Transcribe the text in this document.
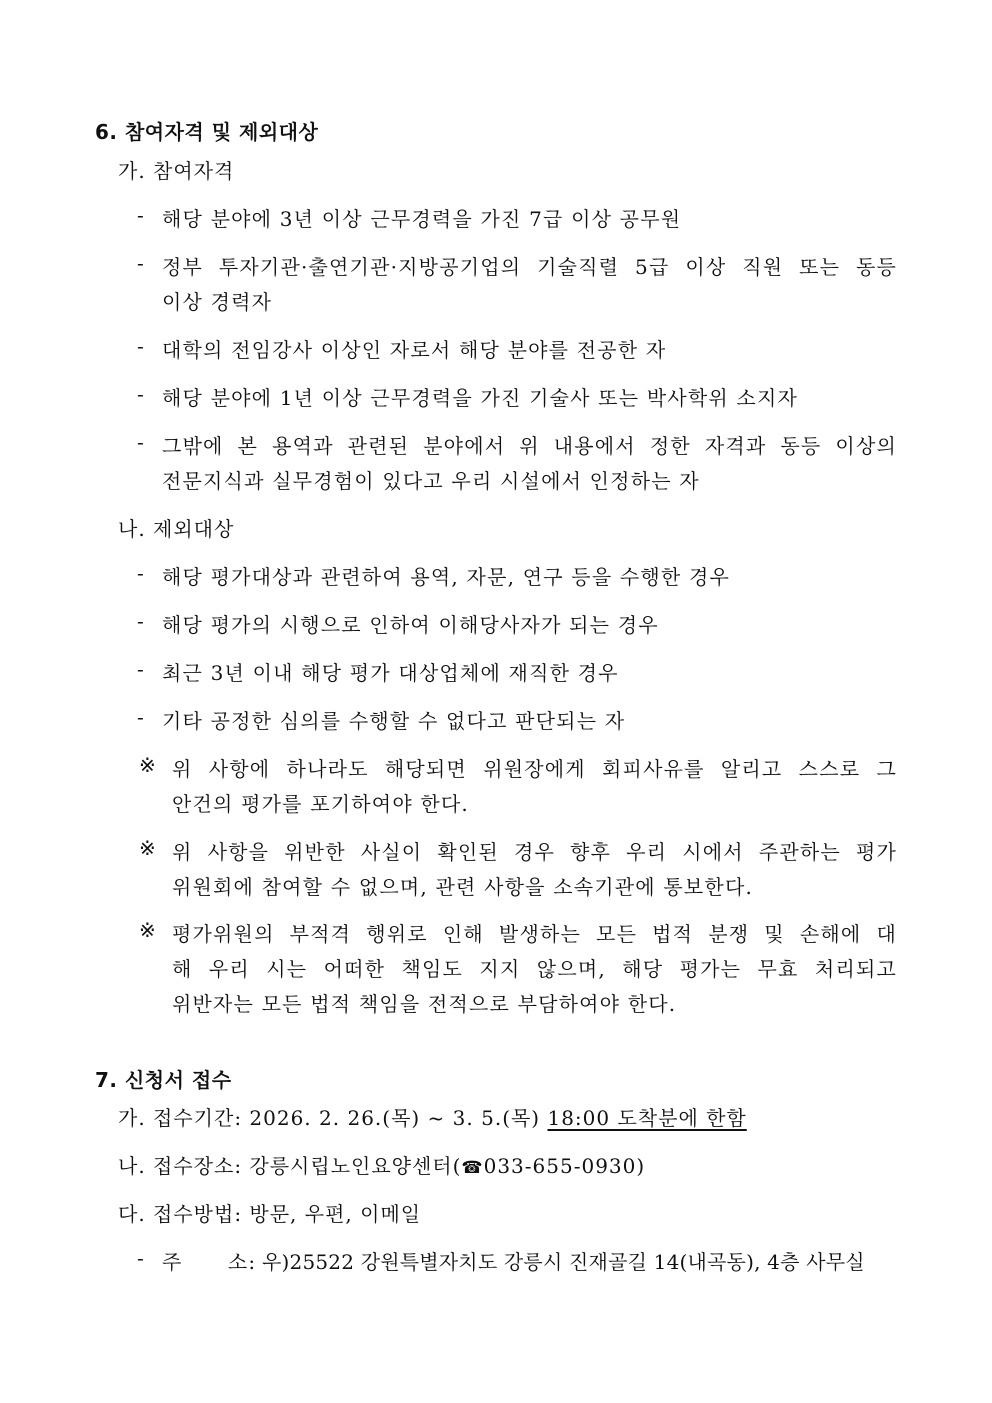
6. 참여자격 및 제외대상
가. 참여자격
- 해당 분야에 3년 이상 근무경력을 가진 7급 이상 공무원
- 정부 투자기관·출연기관·지방공기업의 기술직렬 5급 이상 직원 또는 동등
이상 경력자
- 대학의 전임강사 이상인 자로서 해당 분야를 전공한 자
- 해당 분야에 1년 이상 근무경력을 가진 기술사 또는 박사학위 소지자
- 그밖에 본 용역과 관련된 분야에서 위 내용에서 정한 자격과 동등 이상의
전문지식과 실무경험이 있다고 우리 시설에서 인정하는 자
나. 제외대상
- 해당 평가대상과 관련하여 용역, 자문, 연구 등을 수행한 경우
- 해당 평가의 시행으로 인하여 이해당사자가 되는 경우
- 최근 3년 이내 해당 평가 대상업체에 재직한 경우
- 기타 공정한 심의를 수행할 수 없다고 판단되는 자
※ 위 사항에 하나라도 해당되면 위원장에게 회피사유를 알리고 스스로 그
안건의 평가를 포기하여야 한다.
※ 위 사항을 위반한 사실이 확인된 경우 향후 우리 시에서 주관하는 평가
위원회에 참여할 수 없으며, 관련 사항을 소속기관에 통보한다.
※ 평가위원의 부적격 행위로 인해 발생하는 모든 법적 분쟁 및 손해에 대
해 우리 시는 어떠한 책임도 지지 않으며, 해당 평가는 무효 처리되고
위반자는 모든 법적 책임을 전적으로 부담하여야 한다.
7. 신청서 접수
가. 접수기간: 2026. 2. 26.(목) ~ 3. 5.(목) 18:00 도착분에 한함
나. 접수장소: 강릉시립노인요양센터(☎033-655-0930)
다. 접수방법: 방문, 우편, 이메일
- 주      소: 우)25522 강원특별자치도 강릉시 진재골길 14(내곡동), 4층 사무실
